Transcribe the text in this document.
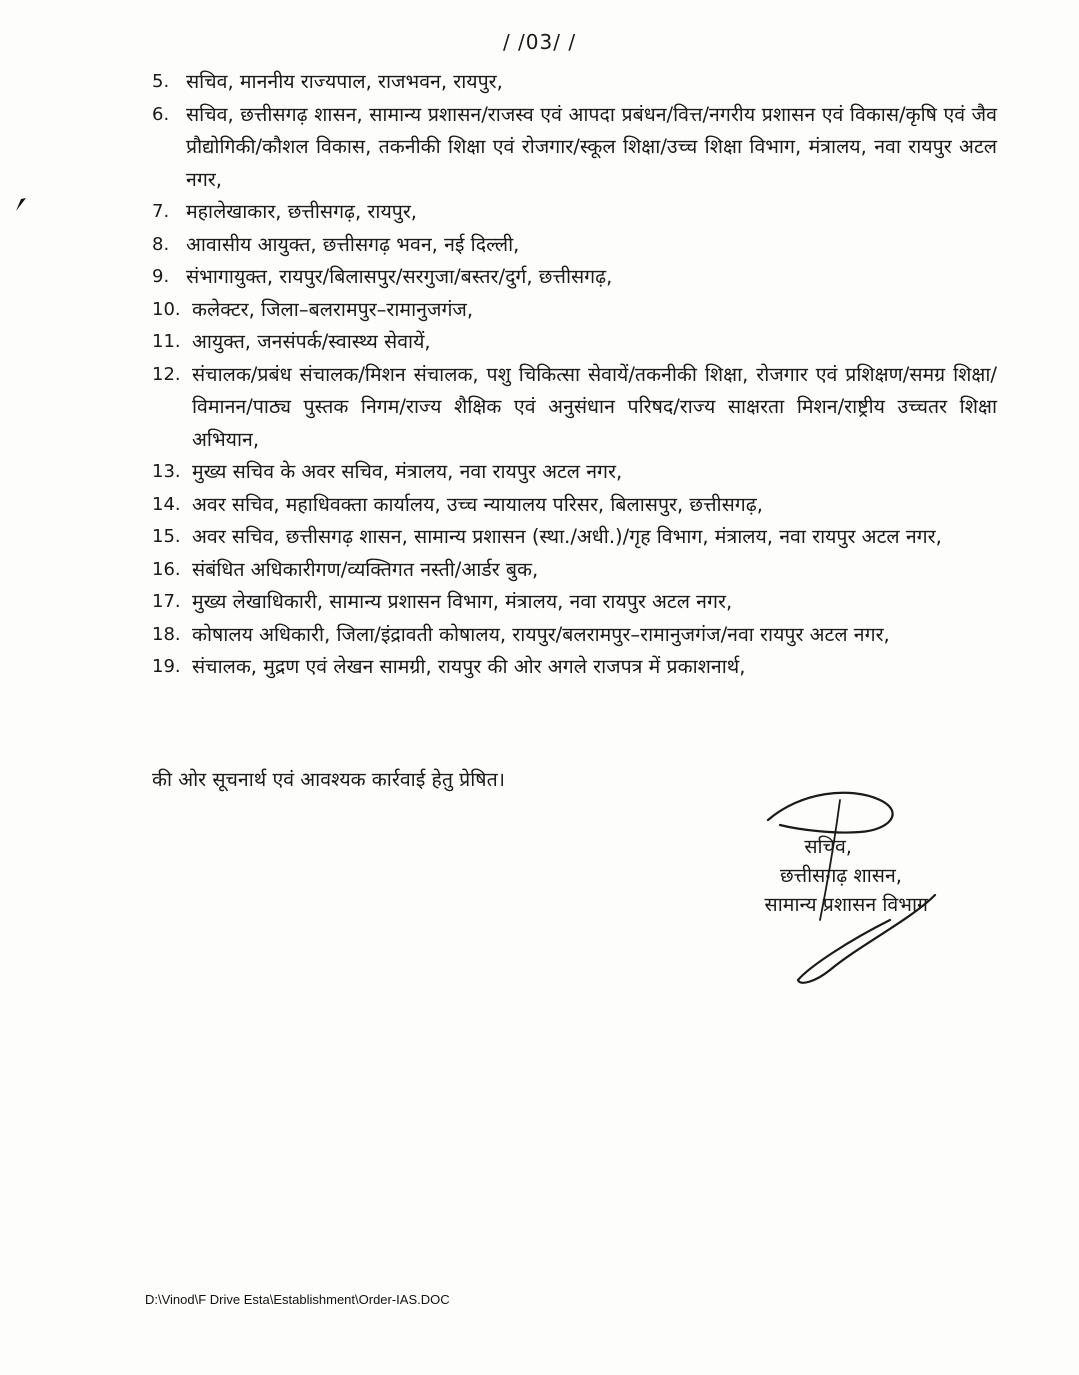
/ /03/ /
5. सचिव, माननीय राज्यपाल, राजभवन, रायपुर,
6. सचिव, छत्तीसगढ़ शासन, सामान्य प्रशासन/राजस्व एवं आपदा प्रबंधन/वित्त/नगरीय प्रशासन एवं विकास/कृषि एवं जैव प्रौद्योगिकी/कौशल विकास, तकनीकी शिक्षा एवं रोजगार/स्कूल शिक्षा/उच्च शिक्षा विभाग, मंत्रालय, नवा रायपुर अटल नगर,
7. महालेखाकार, छत्तीसगढ़, रायपुर,
8. आवासीय आयुक्त, छत्तीसगढ़ भवन, नई दिल्ली,
9. संभागायुक्त, रायपुर/बिलासपुर/सरगुजा/बस्तर/दुर्ग, छत्तीसगढ़,
10. कलेक्टर, जिला–बलरामपुर–रामानुजगंज,
11. आयुक्त, जनसंपर्क/स्वास्थ्य सेवायें,
12. संचालक/प्रबंध संचालक/मिशन संचालक, पशु चिकित्सा सेवायें/तकनीकी शिक्षा, रोजगार एवं प्रशिक्षण/समग्र शिक्षा/विमानन/पाठ्य पुस्तक निगम/राज्य शैक्षिक एवं अनुसंधान परिषद/राज्य साक्षरता मिशन/राष्ट्रीय उच्चतर शिक्षा अभियान,
13. मुख्य सचिव के अवर सचिव, मंत्रालय, नवा रायपुर अटल नगर,
14. अवर सचिव, महाधिवक्ता कार्यालय, उच्च न्यायालय परिसर, बिलासपुर, छत्तीसगढ़,
15. अवर सचिव, छत्तीसगढ़ शासन, सामान्य प्रशासन (स्था./अधी.)/गृह विभाग, मंत्रालय, नवा रायपुर अटल नगर,
16. संबंधित अधिकारीगण/व्यक्तिगत नस्ती/आर्डर बुक,
17. मुख्य लेखाधिकारी, सामान्य प्रशासन विभाग, मंत्रालय, नवा रायपुर अटल नगर,
18. कोषालय अधिकारी, जिला/इंद्रावती कोषालय, रायपुर/बलरामपुर–रामानुजगंज/नवा रायपुर अटल नगर,
19. संचालक, मुद्रण एवं लेखन सामग्री, रायपुर की ओर अगले राजपत्र में प्रकाशनार्थ,
की ओर सूचनार्थ एवं आवश्यक कार्रवाई हेतु प्रेषित।
सचिव,
छत्तीसगढ़ शासन,
सामान्य प्रशासन विभाग
D:\Vinod\F Drive Esta\Establishment\Order-IAS.DOC
